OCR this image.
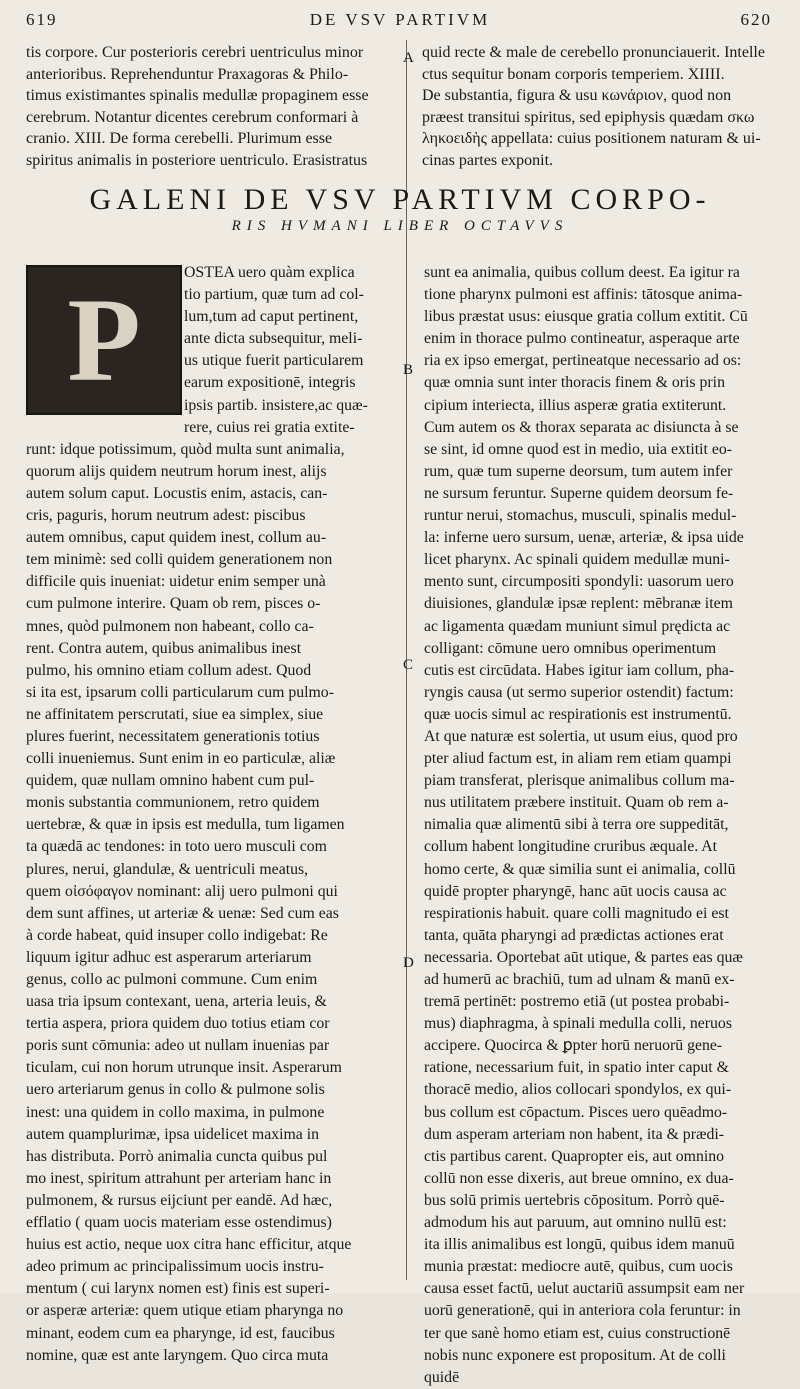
619	DE VSV PARTIVM	620
tis corpore. Cur posterioris cerebri uentriculus minor
anterioribus. Reprehenduntur Praxagoras & Philo-
timus existimantes spinalis medullæ propaginem esse
cerebrum. Notantur dicentes cerebrum conformari à
cranio. XIII. De forma cerebelli. Plurimum esse
spiritus animalis in posteriore uentriculo. Erasistratus
quid recte & male de cerebello pronunciauerit. Intelle
ctus sequitur bonam corporis temperiem. XIIII.
De substantia, figura & usu κωνάριον, quod non
præest transitui spiritus, sed epiphysis quædam σκω
ληκοειδὴς appellata: cuius positionem naturam & ui-
cinas partes exponit.
A
B
C
D
GALENI DE VSV PARTIVM CORPO-
RIS HVMANI LIBER OCTAVVS
P
OSTEA uero quàm explica
tio partium, quæ tum ad col-
lum,tum ad caput pertinent,
ante dicta subsequitur, meli-
us utique fuerit particularem
earum expositionē, integris
ipsis partib. insistere,ac quæ-
rere, cuius rei gratia extite-
runt: idque potissimum, quòd multa sunt animalia,
quorum alijs quidem neutrum horum inest, alijs
autem solum caput. Locustis enim, astacis, can-
cris, paguris, horum neutrum adest: piscibus
autem omnibus, caput quidem inest, collum au-
tem minimè: sed colli quidem generationem non
difficile quis inueniat: uidetur enim semper unà
cum pulmone interire. Quam ob rem, pisces o-
mnes, quòd pulmonem non habeant, collo ca-
rent. Contra autem, quibus animalibus inest
pulmo, his omnino etiam collum adest. Quod
si ita est, ipsarum colli particularum cum pulmo-
ne affinitatem perscrutati, siue ea simplex, siue
plures fuerint, necessitatem generationis totius
colli inueniemus. Sunt enim in eo particulæ, aliæ
quidem, quæ nullam omnino habent cum pul-
monis substantia communionem, retro quidem
uertebræ, & quæ in ipsis est medulla, tum ligamen
ta quædā ac tendones: in toto uero musculi com
plures, nerui, glandulæ, & uentriculi meatus,
quem οἰσόφαγον nominant: alij uero pulmoni qui
dem sunt affines, ut arteriæ & uenæ: Sed cum eas
à corde habeat, quid insuper collo indigebat: Re
liquum igitur adhuc est asperarum arteriarum
genus, collo ac pulmoni commune. Cum enim
uasa tria ipsum contexant, uena, arteria leuis, &
tertia aspera, priora quidem duo totius etiam cor
poris sunt cōmunia: adeo ut nullam inuenias par
ticulam, cui non horum utrunque insit. Asperarum
uero arteriarum genus in collo & pulmone solis
inest: una quidem in collo maxima, in pulmone
autem quamplurimæ, ipsa uidelicet maxima in
has distributa. Porrò animalia cuncta quibus pul
mo inest, spiritum attrahunt per arteriam hanc in
pulmonem, & rursus eijciunt per eandē. Ad hæc,
efflatio ( quam uocis materiam esse ostendimus)
huius est actio, neque uox citra hanc efficitur, atque
adeo primum ac principalissimum uocis instru-
mentum ( cui larynx nomen est) finis est superi-
or asperæ arteriæ: quem utique etiam pharynga no
minant, eodem cum ea pharynge, id est, faucibus
nomine, quæ est ante laryngem. Quo circa muta
sunt ea animalia, quibus collum deest. Ea igitur ra
tione pharynx pulmoni est affinis: tātosque anima-
libus præstat usus: eiusque gratia collum extitit. Cū
enim in thorace pulmo contineatur, asperaque arte
ria ex ipso emergat, pertineatque necessario ad os:
quæ omnia sunt inter thoracis finem & oris prin
cipium interiecta, illius asperæ gratia extiterunt.
Cum autem os & thorax separata ac disiuncta à se
se sint, id omne quod est in medio, uia extitit eo-
rum, quæ tum superne deorsum, tum autem infer
ne sursum feruntur. Superne quidem deorsum fe-
runtur nerui, stomachus, musculi, spinalis medul-
la: inferne uero sursum, uenæ, arteriæ, & ipsa uide
licet pharynx. Ac spinali quidem medullæ muni-
mento sunt, circumpositi spondyli: uasorum uero
diuisiones, glandulæ ipsæ replent: mēbranæ item
ac ligamenta quædam muniunt simul prędicta ac
colligant: cōmune uero omnibus operimentum
cutis est circūdata. Habes igitur iam collum, pha-
ryngis causa (ut sermo superior ostendit) factum:
quæ uocis simul ac respirationis est instrumentū.
At que naturæ est solertia, ut usum eius, quod pro
pter aliud factum est, in aliam rem etiam quampi
piam transferat, plerisque animalibus collum ma-
nus utilitatem præbere instituit. Quam ob rem a-
nimalia quæ alimentū sibi à terra ore suppeditāt,
collum habent longitudine cruribus æquale. At
homo certe, & quæ similia sunt ei animalia, collū
quidē propter pharyngē, hanc aūt uocis causa ac
respirationis habuit. quare colli magnitudo ei est
tanta, quāta pharyngi ad prædictas actiones erat
necessaria. Oportebat aūt utique, & partes eas quæ
ad humerū ac brachiū, tum ad ulnam & manū ex-
tremā pertinēt: postremo etiā (ut postea probabi-
mus) diaphragma, à spinali medulla colli, neruos
accipere. Quocirca & ꝑpter horū neruorū gene-
ratione, necessarium fuit, in spatio inter caput &
thoracē medio, alios collocari spondylos, ex qui-
bus collum est cōpactum. Pisces uero quēadmo-
dum asperam arteriam non habent, ita & prædi-
ctis partibus carent. Quapropter eis, aut omnino
collū non esse dixeris, aut breue omnino, ex dua-
bus solū primis uertebris cōpositum. Porrò quē-
admodum his aut paruum, aut omnino nullū est:
ita illis animalibus est longū, quibus idem manuū
munia præstat: mediocre autē, quibus, cum uocis
causa esset factū, uelut auctariū assumpsit eam ner
uorū generationē, qui in anteriora cola feruntur: in
ter que sanè homo etiam est, cuius constructionē
nobis nunc exponere est propositum. At de colli
quidē
